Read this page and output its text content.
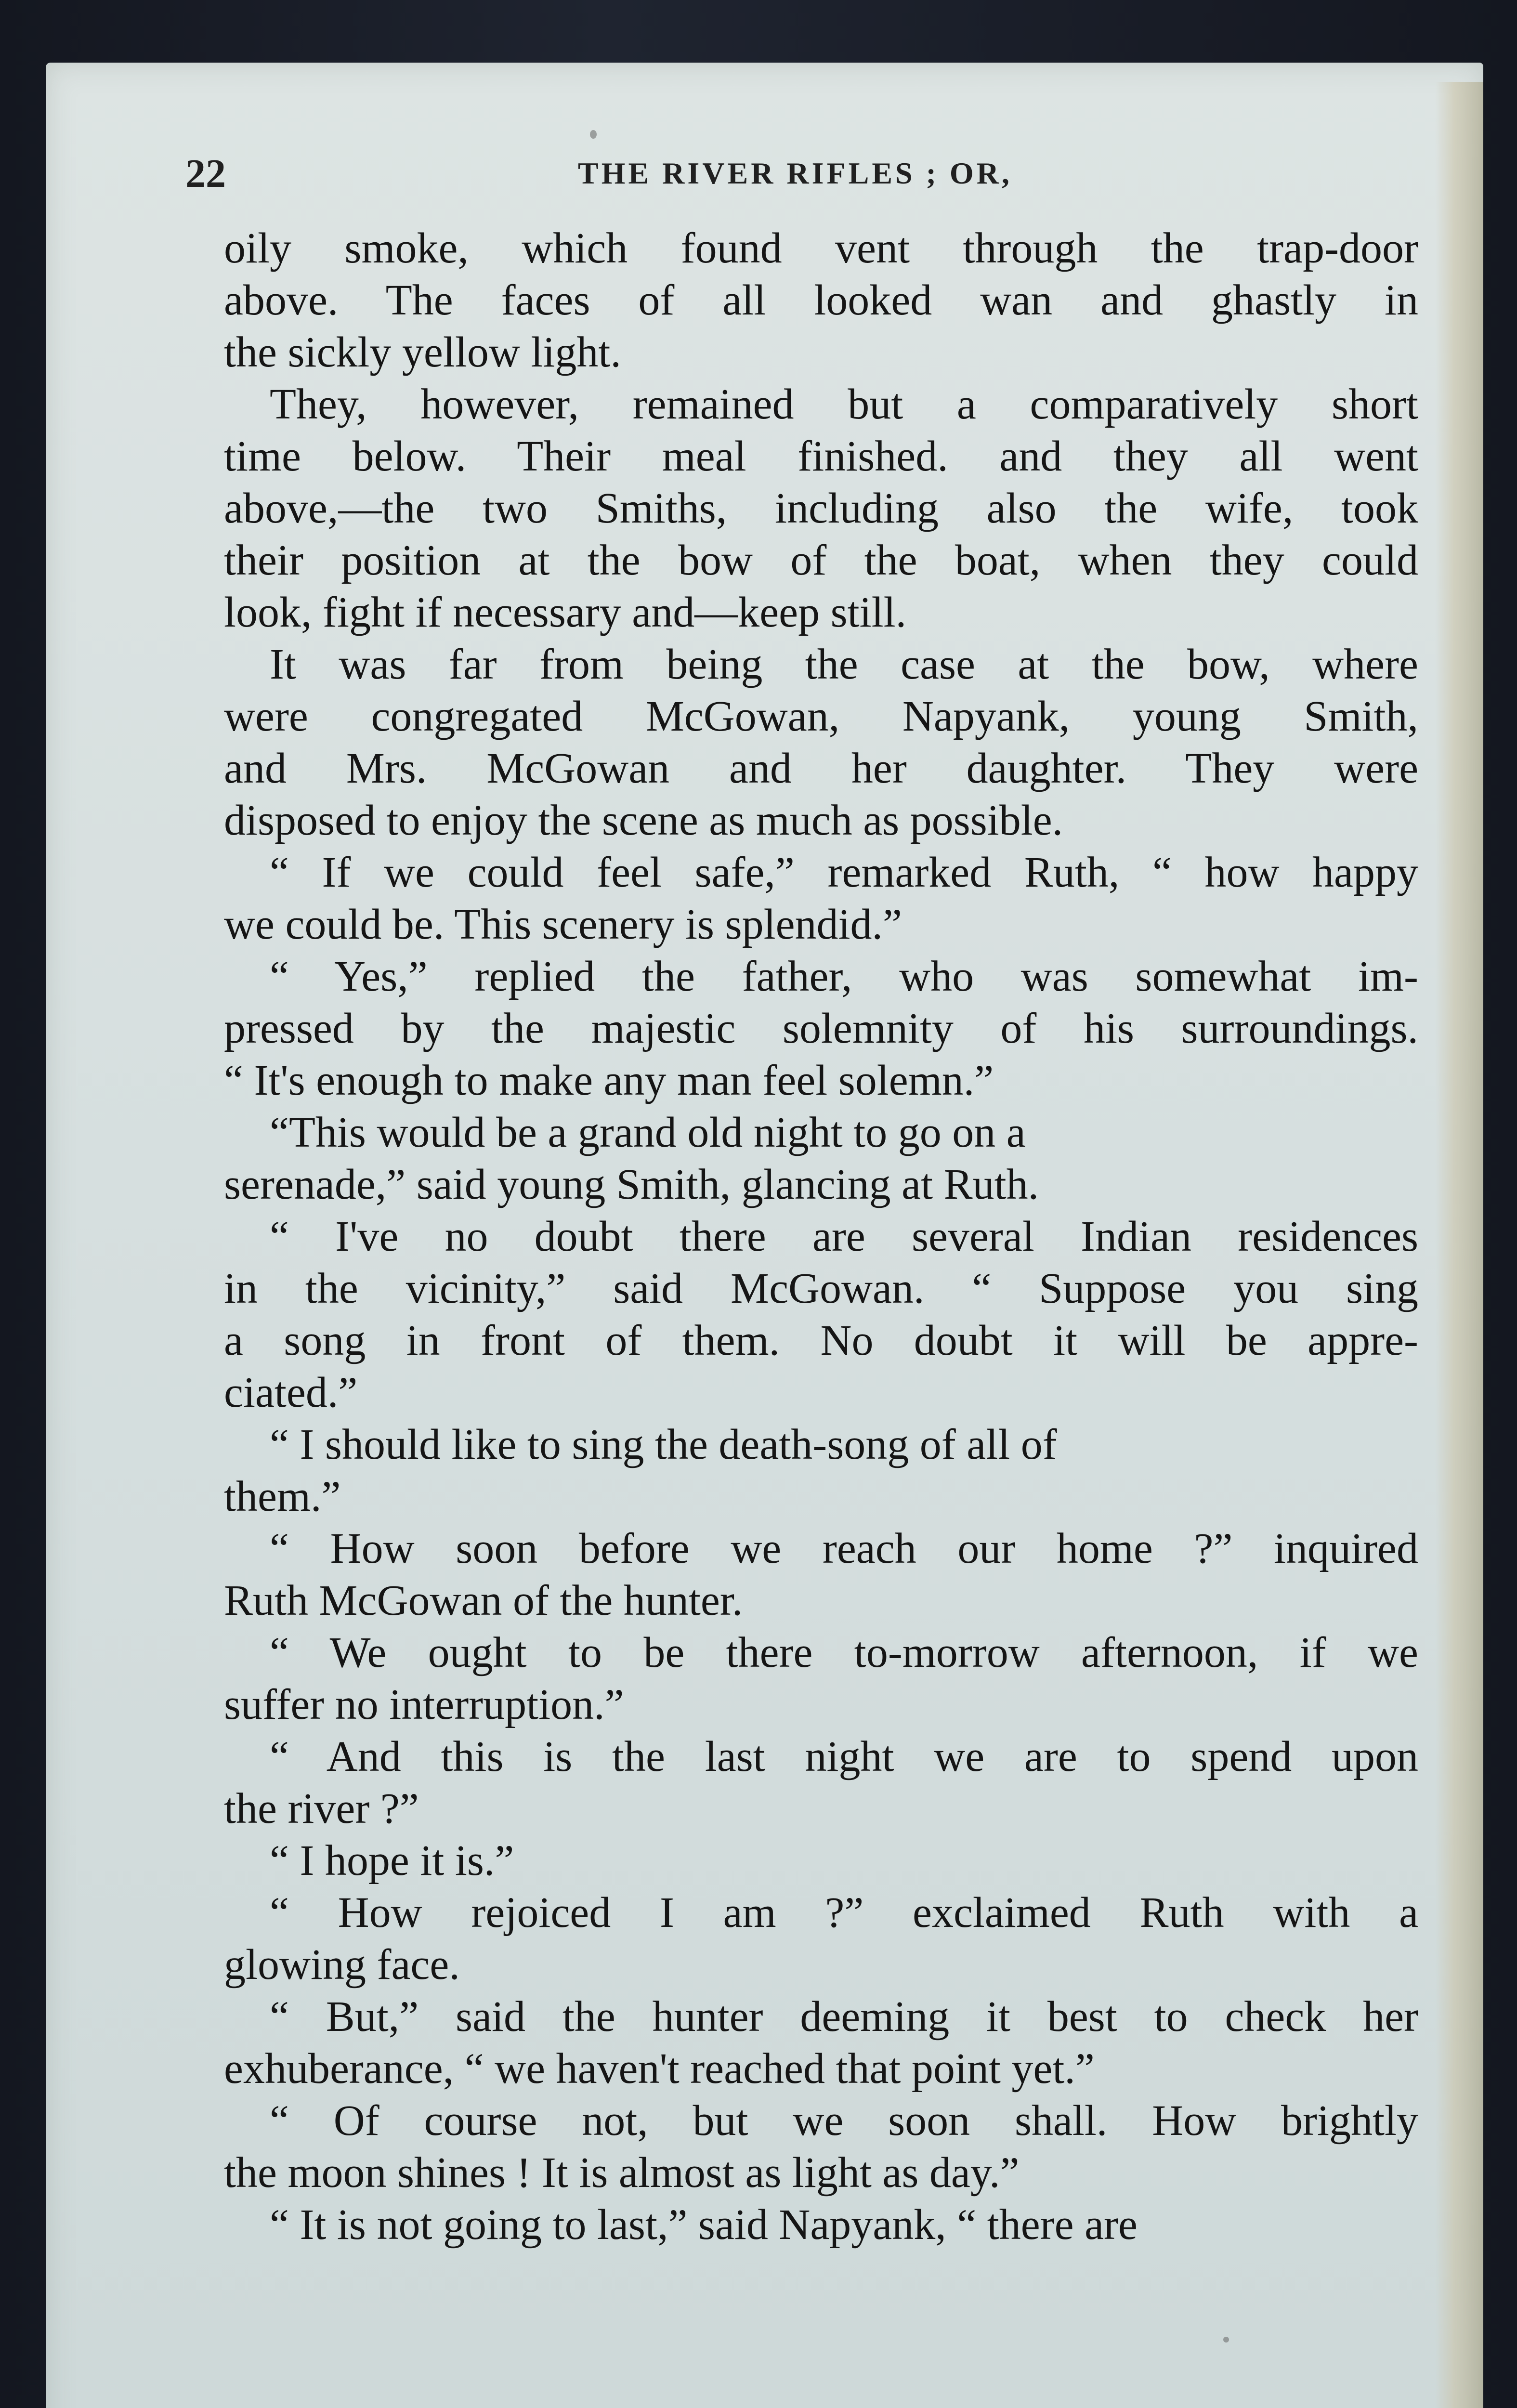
22	THE RIVER RIFLES ; OR,
oily smoke, which found vent through the trap-door
above. The faces of all looked wan and ghastly in
the sickly yellow light.
They, however, remained but a comparatively short
time below. Their meal finished. and they all went
above,—the two Smiths, including also the wife, took
their position at the bow of the boat, when they could
look, fight if necessary and—keep still.
It was far from being the case at the bow, where
were congregated McGowan, Napyank, young Smith,
and Mrs. McGowan and her daughter. They were
disposed to enjoy the scene as much as possible.
“ If we could feel safe,” remarked Ruth, “ how happy
we could be. This scenery is splendid.”
“ Yes,” replied the father, who was somewhat im-
pressed by the majestic solemnity of his surroundings.
“ It's enough to make any man feel solemn.”
“This would be a grand old night to go on a
serenade,” said young Smith, glancing at Ruth.
“ I've no doubt there are several Indian residences
in the vicinity,” said McGowan. “ Suppose you sing
a song in front of them. No doubt it will be appre-
ciated.”
“ I should like to sing the death-song of all of
them.”
“ How soon before we reach our home ?” inquired
Ruth McGowan of the hunter.
“ We ought to be there to-morrow afternoon, if we
suffer no interruption.”
“ And this is the last night we are to spend upon
the river ?”
“ I hope it is.”
“ How rejoiced I am ?” exclaimed Ruth with a
glowing face.
“ But,” said the hunter deeming it best to check her
exhuberance, “ we haven't reached that point yet.”
“ Of course not, but we soon shall. How brightly
the moon shines ! It is almost as light as day.”
“ It is not going to last,” said Napyank, “ there are
